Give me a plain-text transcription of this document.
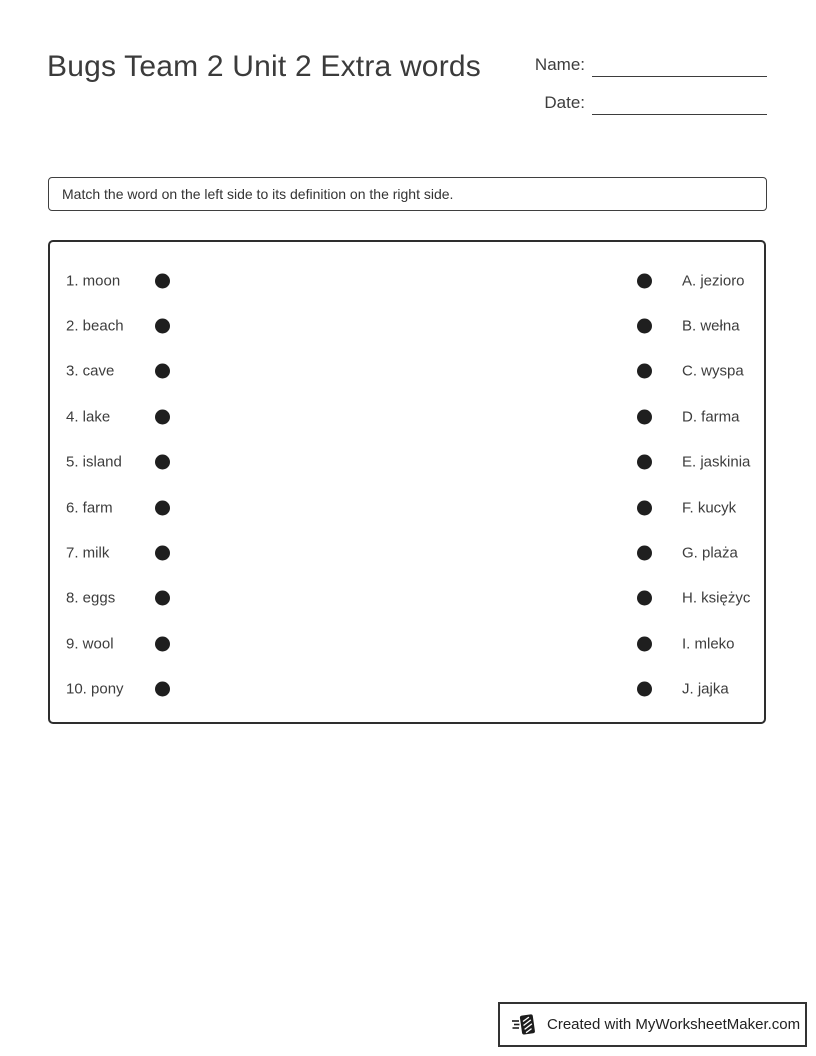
Bugs Team 2 Unit 2 Extra words	Name:
Date:
Match the word on the left side to its definition on the right side.
1. moon	A. jezioro
2. beach	B. wełna
3. cave	C. wyspa
4. lake	D. farma
5. island	E. jaskinia
6. farm	F. kucyk
7. milk	G. plaża
8. eggs	H. księżyc
9. wool	I. mleko
10. pony	J. jajka
Created with MyWorksheetMaker.com
